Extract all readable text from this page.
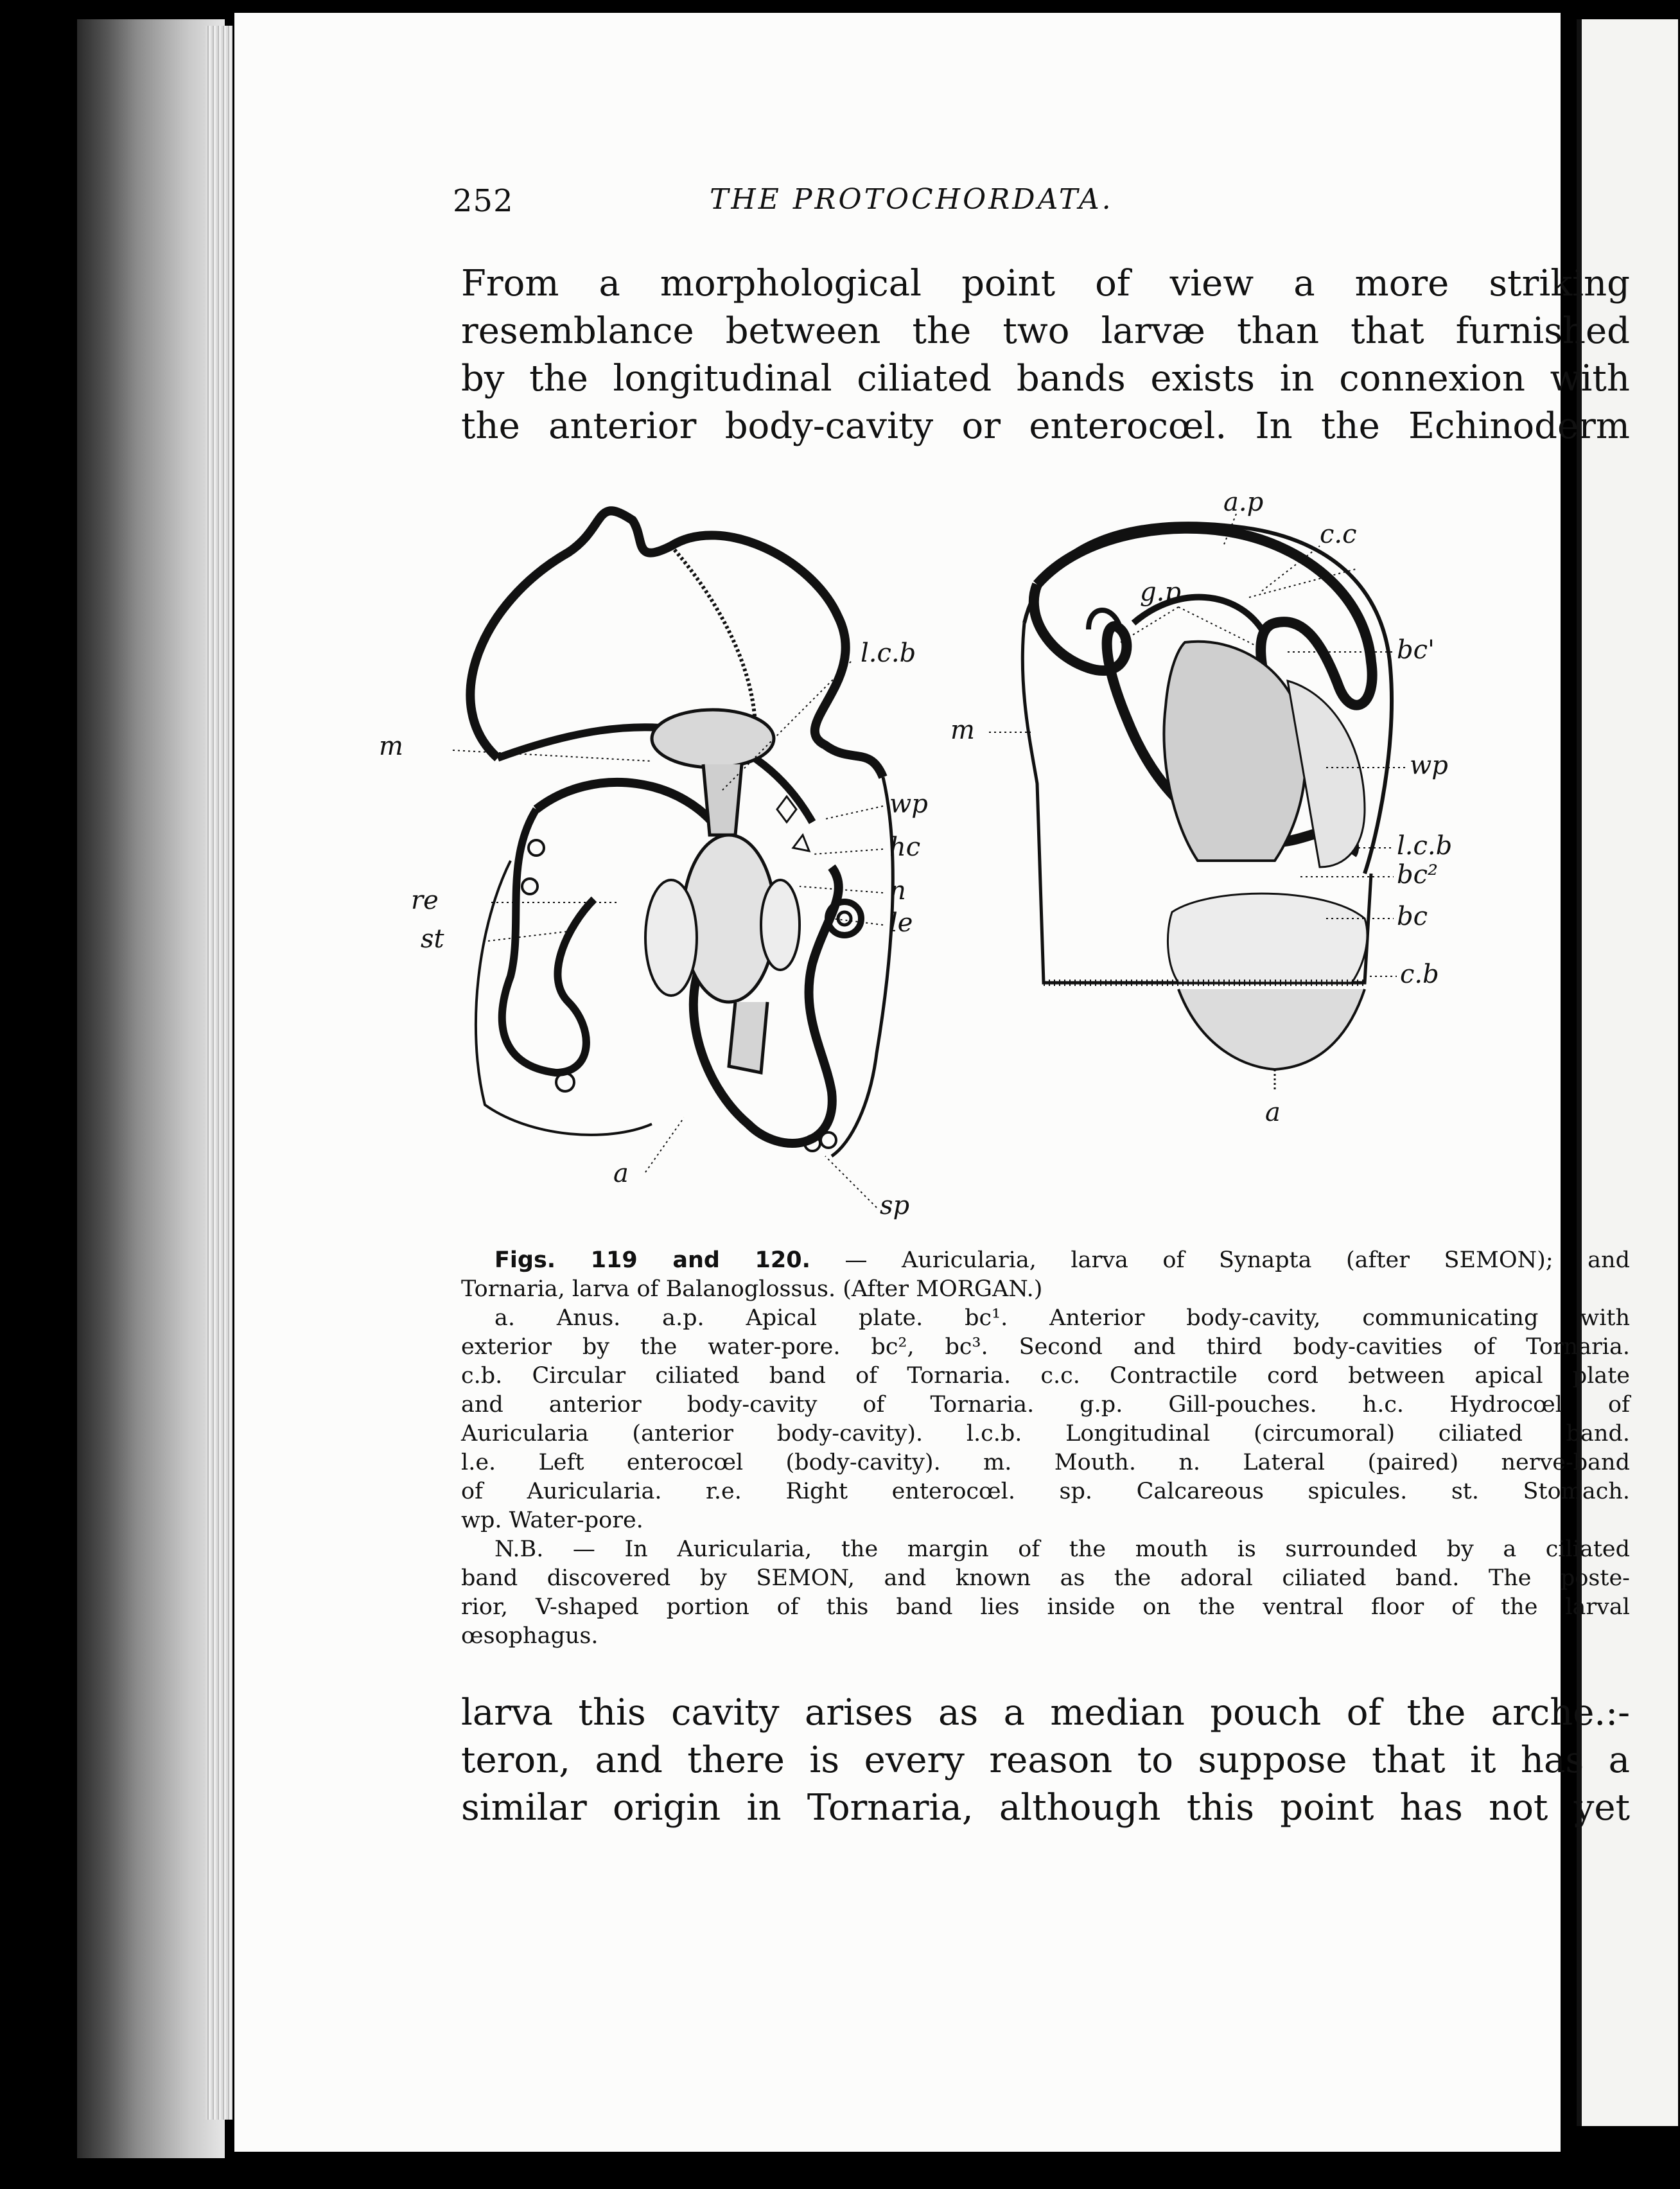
252	THE PROTOCHORDATA.
From a morphological point of view a more striking
resemblance between the two larvæ than that furnished
by the longitudinal ciliated bands exists in connexion with
the anterior body-cavity or enterocœl. In the Echinoderm
m
l.c.b
wp
hc
n
le
re
st
a
sp
a.p
c.c
g.p
bc'
m
wp
l.c.b
bc²
bc
c.b
a
Figs. 119 and 120. — Auricularia, larva of Synapta (after SEMON); and
Tornaria, larva of Balanoglossus. (After MORGAN.)
a. Anus. a.p. Apical plate. bc¹. Anterior body-cavity, communicating with
exterior by the water-pore. bc², bc³. Second and third body-cavities of Tornaria.
c.b. Circular ciliated band of Tornaria. c.c. Contractile cord between apical plate
and anterior body-cavity of Tornaria. g.p. Gill-pouches. h.c. Hydrocœl of
Auricularia (anterior body-cavity). l.c.b. Longitudinal (circumoral) ciliated band.
l.e. Left enterocœl (body-cavity). m. Mouth. n. Lateral (paired) nerve-band
of Auricularia. r.e. Right enterocœl. sp. Calcareous spicules. st. Stomach.
wp. Water-pore.
N.B. — In Auricularia, the margin of the mouth is surrounded by a ciliated
band discovered by SEMON, and known as the adoral ciliated band. The poste-
rior, V-shaped portion of this band lies inside on the ventral floor of the larval
œsophagus.
larva this cavity arises as a median pouch of the arche.:-
teron, and there is every reason to suppose that it has a
similar origin in Tornaria, although this point has not yet
